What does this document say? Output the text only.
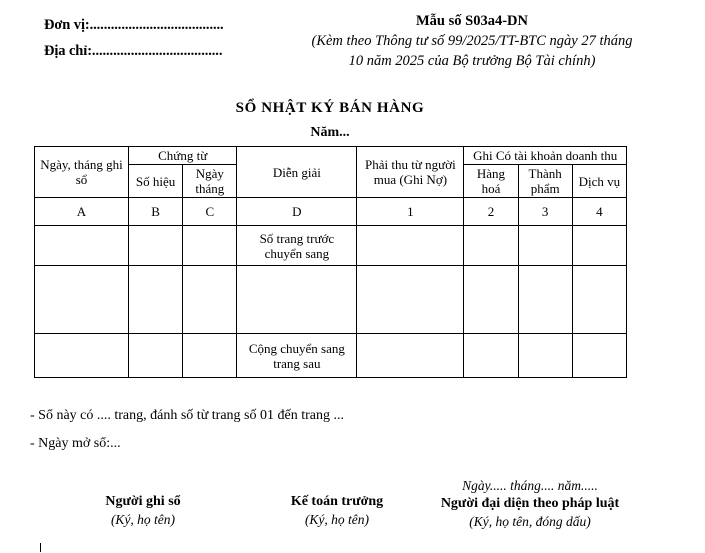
Đơn vị:......................................
Địa chỉ:.....................................
Mẫu số S03a4-DN
(Kèm theo Thông tư số 99/2025/TT-BTC ngày 27 tháng
10 năm 2025 của Bộ trưởng Bộ Tài chính)
SỔ NHẬT KÝ BÁN HÀNG
Năm...
Ngày, tháng ghi sổ	Chứng từ		Diễn giải	Phải thu từ người mua (Ghi Nợ)	Ghi Có tài khoản doanh thu		
	Số hiệu	Ngày tháng			Hàng hoá	Thành phẩm	Dịch vụ
A	B	C	D	1	2	3	4
			Số trang trước chuyển sang				

			Cộng chuyển sang trang sau				
- Sổ này có .... trang, đánh số từ trang số 01 đến trang ...
- Ngày mở sổ:...
Người ghi sổ
(Ký, họ tên)
Kế toán trưởng
(Ký, họ tên)
Ngày..... tháng.... năm.....
Người đại diện theo pháp luật
(Ký, họ tên, đóng dấu)
